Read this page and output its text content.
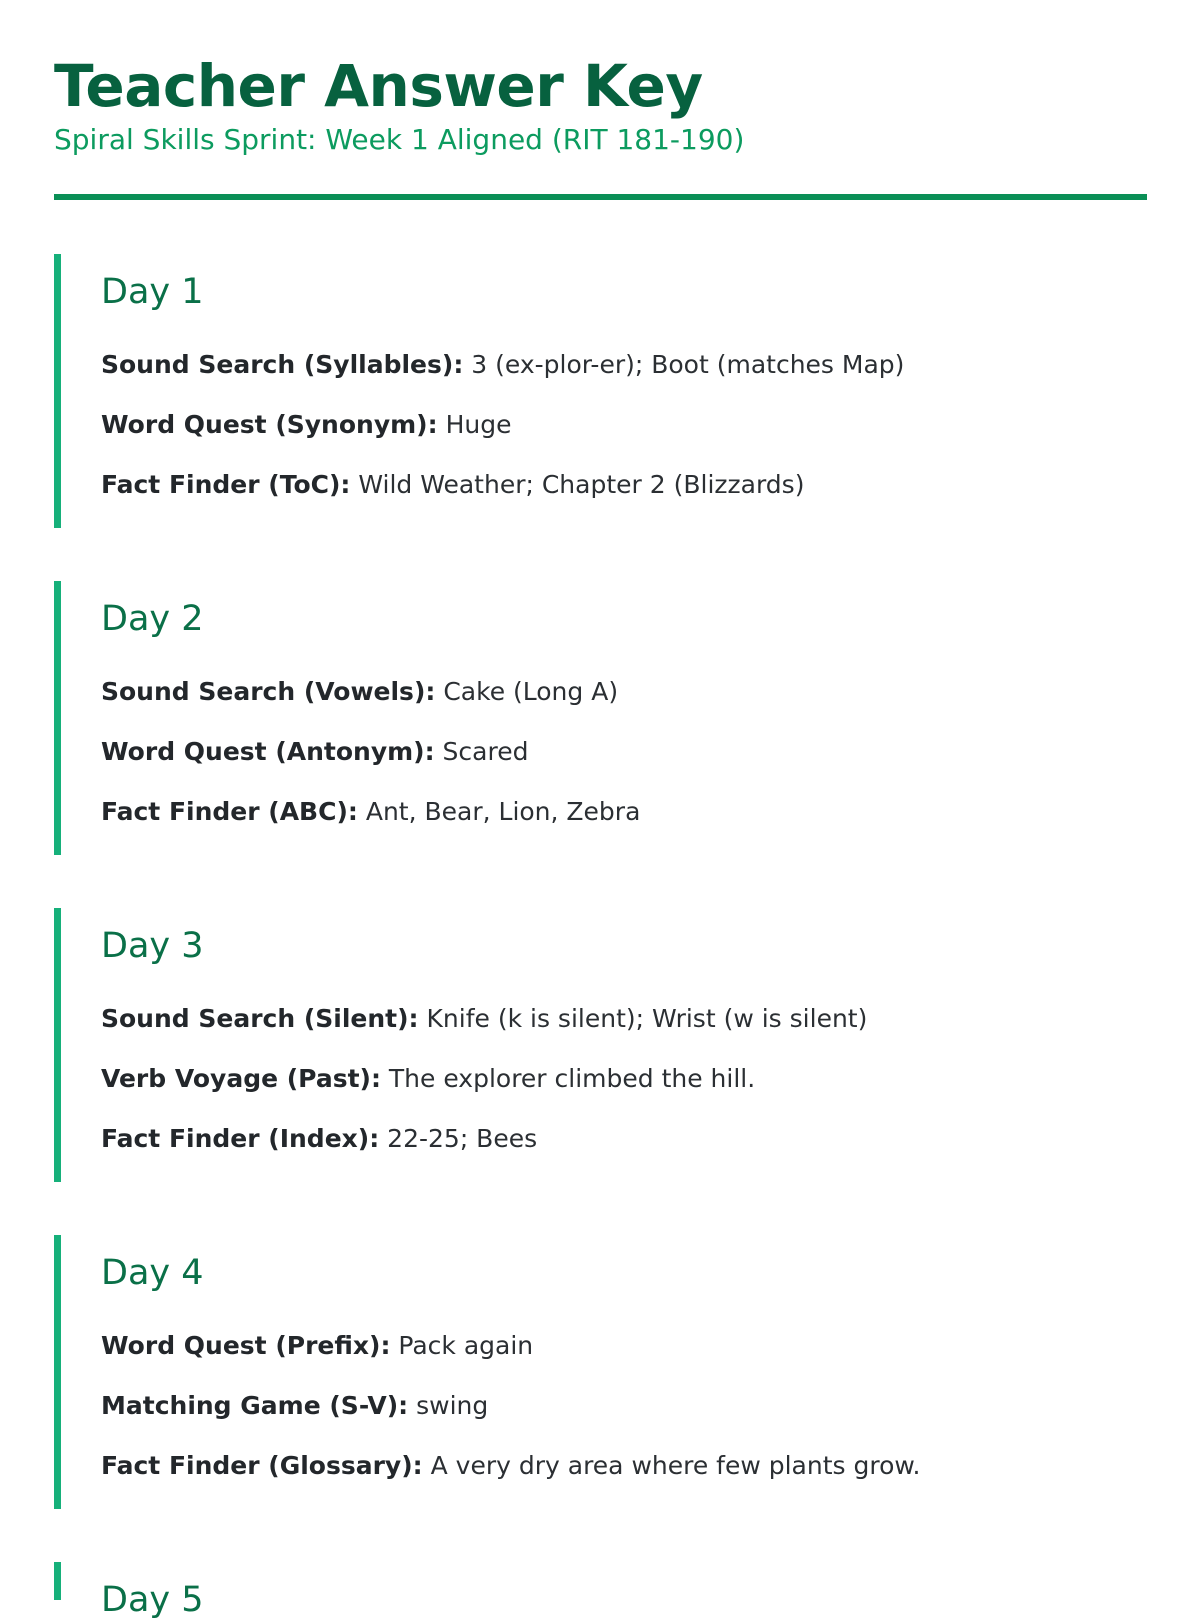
Teacher Answer Key
Spiral Skills Sprint: Week 1 Aligned (RIT 181-190)
Day 1
Sound Search (Syllables): 3 (ex-plor-er); Boot (matches Map)
Word Quest (Synonym): Huge
Fact Finder (ToC): Wild Weather; Chapter 2 (Blizzards)
Day 2
Sound Search (Vowels): Cake (Long A)
Word Quest (Antonym): Scared
Fact Finder (ABC): Ant, Bear, Lion, Zebra
Day 3
Sound Search (Silent): Knife (k is silent); Wrist (w is silent)
Verb Voyage (Past): The explorer climbed the hill.
Fact Finder (Index): 22-25; Bees
Day 4
Word Quest (Prefix): Pack again
Matching Game (S-V): swing
Fact Finder (Glossary): A very dry area where few plants grow.
Day 5
